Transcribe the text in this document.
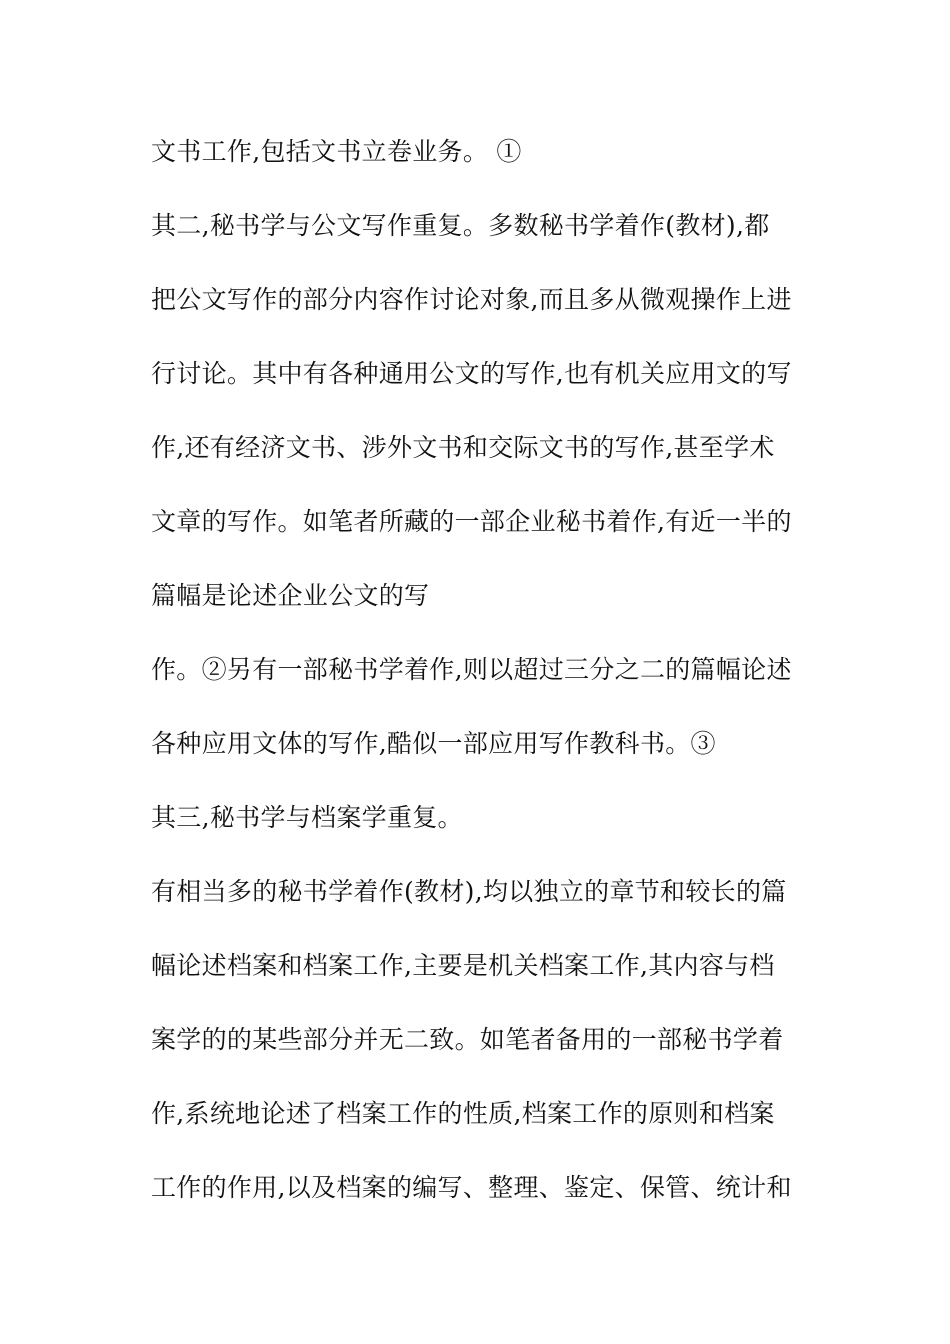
文书工作,包括文书立卷业务。 ①
其二,秘书学与公文写作重复。多数秘书学着作(教材),都
把公文写作的部分内容作讨论对象,而且多从微观操作上进
行讨论。其中有各种通用公文的写作,也有机关应用文的写
作,还有经济文书、涉外文书和交际文书的写作,甚至学术
文章的写作。如笔者所藏的一部企业秘书着作,有近一半的
篇幅是论述企业公文的写
作。②另有一部秘书学着作,则以超过三分之二的篇幅论述
各种应用文体的写作,酷似一部应用写作教科书。③
其三,秘书学与档案学重复。
有相当多的秘书学着作(教材),均以独立的章节和较长的篇
幅论述档案和档案工作,主要是机关档案工作,其内容与档
案学的的某些部分并无二致。如笔者备用的一部秘书学着
作,系统地论述了档案工作的性质,档案工作的原则和档案
工作的作用,以及档案的编写、整理、鉴定、保管、统计和
